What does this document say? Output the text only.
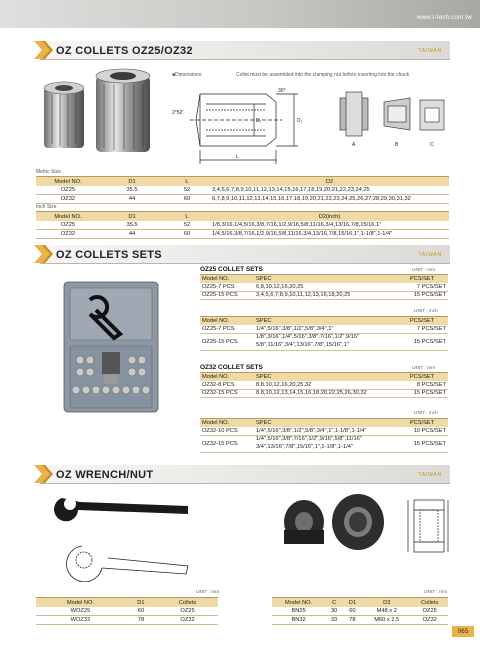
www.t-tech.com.tw
OZ COLLETS OZ25/OZ32	TAIWAN
■Dimensions:	Collet must be assembled into the clamping nut before inserting into the chuck
30°
2°52'
D₁	D₂
L
A	B	C
Metric Size
Model NO.	D1	L	D2
OZ25	35.5	52	3,4,5,6,7,8,9,10,11,12,13,14,15,16,17,18,19,20,21,22,23,24,25
OZ32	44	60	6,7,8,9,10,11,12,13,14,15,16,17,18,19,20,21,22,23,24,25,26,27,28,29,30,31,32
Inch Size
Model NO.	D1	L	D2(inch)
OZ25	35.5	52	1/8,3/16,1/4,5/16,3/8,7/16,1/2,9/16,5/8,11/16,3/4,13/16,7/8,15/16,1"
OZ32	44	60	1/4,5/16,3/8,7/16,1/2,9/16,5/8,11/16,3/4,13/16,7/8,15/16,1",1-1/8",1-1/4"
OZ COLLETS SETS	TAIWAN
OZ25 COLLET SETS	UNIT : mm
Model NO.	SPEC	PCS/SET
OZ25-7 PCS	6,8,10,12,16,20,25	7 PCS/SET
OZ25-15 PCS	3,4,5,6,7,8,9,10,11,12,13,16,18,20,25	15 PCS/SET
UNIT : inch
Model NO.	SPEC	PCS/SET
OZ25-7 PCS	1/4",5/16",3/8",1/2",5/8",3/4",1"	7 PCS/SET
OZ25-15 PCS	1/8",3/16",1/4",5/16",3/8",7/16",1/2",9/16"
5/8",11/16",3/4",13/16",7/8",15/16",1"	15 PCS/SET
OZ32 COLLET SETS	UNIT : mm
Model NO.	SPEC	PCS/SET
OZ32-8 PCS	8,8,10,12,16,20,25,32	8 PCS/SET
OZ32-15 PCS	8,8,10,12,13,14,15,16,18,20,22,25,26,30,32	15 PCS/SET
UNIT : inch
Model NO.	SPEC	PCS/SET
OZ32-10 PCS	1/4",5/16",3/8",1/2",5/8",3/4",1",1-1/8",1-1/4"	10 PCS/SET
OZ32-15 PCS	1/4",5/16",3/8",7/16",1/2",9/16",5/8",11/16"
3/4",13/16",7/8",15/16",1",1-1/8",1-1/4"	15 PCS/SET
OZ WRENCH/NUT	TAIWAN
UNIT : mm
Model NO.	D1	Collets
WOZ25	60	OZ25
WOZ32	78	OZ32
UNIT : mm
Model NO.	C	D1	D3	Collets
BN25	30	60	M48 x 2	OZ25
BN32	33	78	M60 x 2.5	OZ32
065
